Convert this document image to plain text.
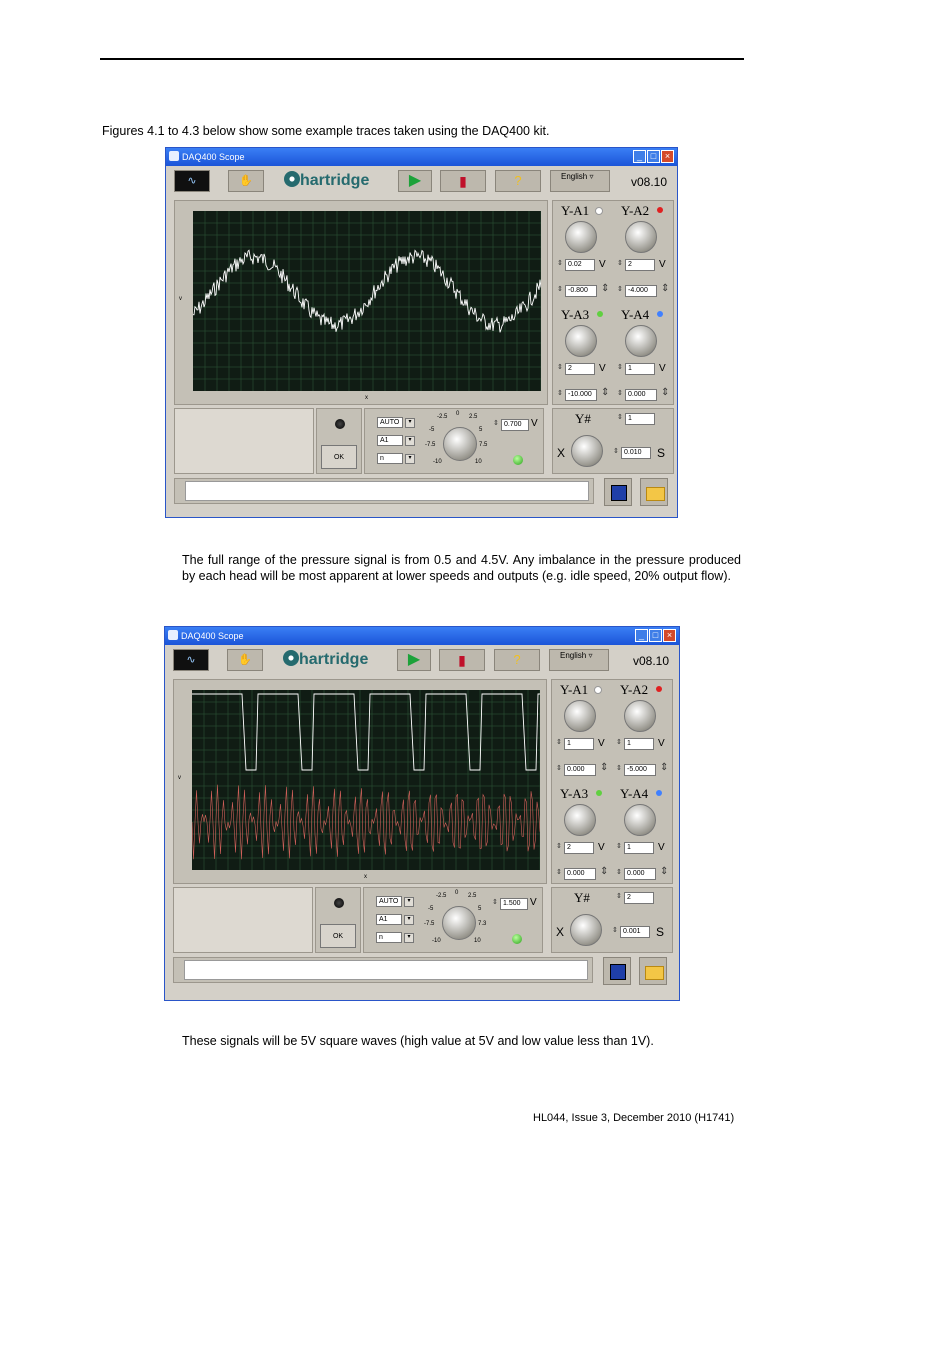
Figures 4.1 to 4.3 below show some example traces taken using the DAQ400 kit.
DAQ400 Scope	_ □ ×
∿	✋	hartridge	▶	▮	?	English ▿	v08.10
v
x
Y-A1
⇕ 0.02	V
Y-A2
⇕ 2	V
⇕ -0.800	⇕ ⇕ -4.000	⇕
Y-A3
⇕ 2	V
Y-A4
⇕ 1	V
⇕ -10.000 ⇕ ⇕ 0.000	⇕
OK
AUTO	▾
A1	▾
n	▾
-2.5 0 2.5
-5	5
-7.5	7.5
-10	10
⇕ 0.700 V	Y#	⇕ 1
X	⇕ 0.010	S
The full range of the pressure signal is from 0.5 and 4.5V. Any imbalance in the pressure produced by each head will be most apparent at lower speeds and outputs (e.g. idle speed, 20% output flow).
DAQ400 Scope	_ □ ×
∿	✋	hartridge	▶	▮	?	English ▿	v08.10
v
x
Y-A1
⇕ 1	V
Y-A2
⇕ 1	V
⇕ 0.000	⇕ ⇕ -5.000	⇕
Y-A3
⇕ 2	V
Y-A4
⇕ 1	V
⇕ 0.000	⇕ ⇕ 0.000	⇕
OK
AUTO	▾
A1	▾
n	▾
-2.5 0 2.5
-5	5
-7.5	7.3
-10	10
⇕ 1.500 V	Y#	⇕ 2
X	⇕ 0.001	S
These signals will be 5V square waves (high value at 5V and low value less than 1V).
HL044, Issue 3, December 2010 (H1741)
